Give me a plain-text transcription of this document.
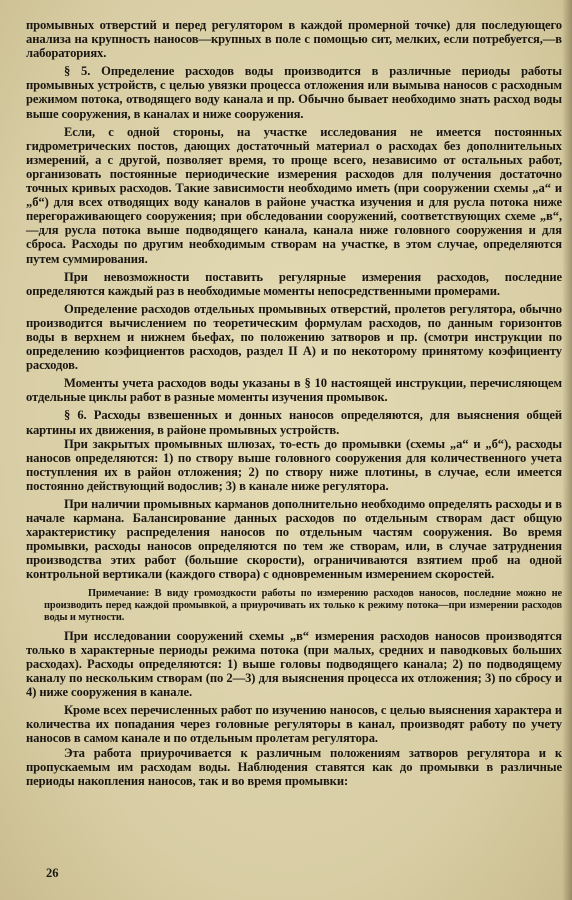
промывных отверстий и перед регулятором в каждой промерной точке) для последующего анализа на крупность наносов—крупных в поле с помощью сит, мелких, если потребуется,—в лабораториях.

§ 5. Определение расходов воды производится в различные периоды работы промывных устройств, с целью увязки процесса отложения или вымыва наносов с расходным режимом потока, отводящего воду канала и пр. Обычно бывает необходимо знать расход воды выше сооружения, в каналах и ниже сооружения.

Если, с одной стороны, на участке исследования не имеется постоянных гидрометрических постов, дающих достаточный материал о расходах без дополнительных измерений, а с другой, позволяет время, то проще всего, независимо от остальных работ, организовать постоянные периодические измерения расходов для получения достаточно точных кривых расходов. Такие зависимости необходимо иметь (при сооружении схемы „а“ и „б“) для всех отводящих воду каналов в районе участка изучения и для русла потока ниже перегораживающего сооружения; при обследовании сооружений, соответствующих схеме „в“,—для русла потока выше подводящего канала, канала ниже головного сооружения и для сброса. Расходы по другим необходимым створам на участке, в этом случае, определяются путем суммирования.

При невозможности поставить регулярные измерения расходов, последние определяются каждый раз в необходимые моменты непосредственными промерами.

Определение расходов отдельных промывных отверстий, пролетов регулятора, обычно производится вычислением по теоретическим формулам расходов, по данным горизонтов воды в верхнем и нижнем бьефах, по положению затворов и пр. (смотри инструкции по определению коэфициентов расходов, раздел II А) и по некоторому принятому коэфициенту расходов.

Моменты учета расходов воды указаны в § 10 настоящей инструкции, перечисляющем отдельные циклы работ в разные моменты изучения промывок.

§ 6. Расходы взвешенных и донных наносов определяются, для выяснения общей картины их движения, в районе промывных устройств.

При закрытых промывных шлюзах, то-есть до промывки (схемы „а“ и „б“), расходы наносов определяются: 1) по створу выше головного сооружения для количественного учета поступления их в район отложения; 2) по створу ниже плотины, в случае, если имеется постоянно действующий водослив; 3) в канале ниже регулятора.

При наличии промывных карманов дополнительно необходимо определять расходы и в начале кармана. Балансирование данных расходов по отдельным створам даст общую характеристику распределения наносов по отдельным частям сооружения. Во время промывки, расходы наносов определяются по тем же створам, или, в случае затруднения производства этих работ (большие скорости), ограничиваются взятием проб на одной контрольной вертикали (каждого створа) с одновременным измерением скоростей.

Примечание: В виду громоздкости работы по измерению расходов наносов, последние можно не производить перед каждой промывкой, а приурочивать их только к режиму потока—при измерении расходов воды и мутности.

При исследовании сооружений схемы „в“ измерения расходов наносов производятся только в характерные периоды режима потока (при малых, средних и паводковых больших расходах). Расходы определяются: 1) выше головы подводящего канала; 2) по подводящему каналу по нескольким створам (по 2—3) для выяснения процесса их отложения; 3) по сбросу и 4) ниже сооружения в канале.

Кроме всех перечисленных работ по изучению наносов, с целью выяснения характера и количества их попадания через головные регуляторы в канал, производят работу по учету наносов в самом канале и по отдельным пролетам регулятора.

Эта работа приурочивается к различным положениям затворов регулятора и к пропускаемым им расходам воды. Наблюдения ставятся как до промывки в различные периоды накопления наносов, так и во время промывки:

26
